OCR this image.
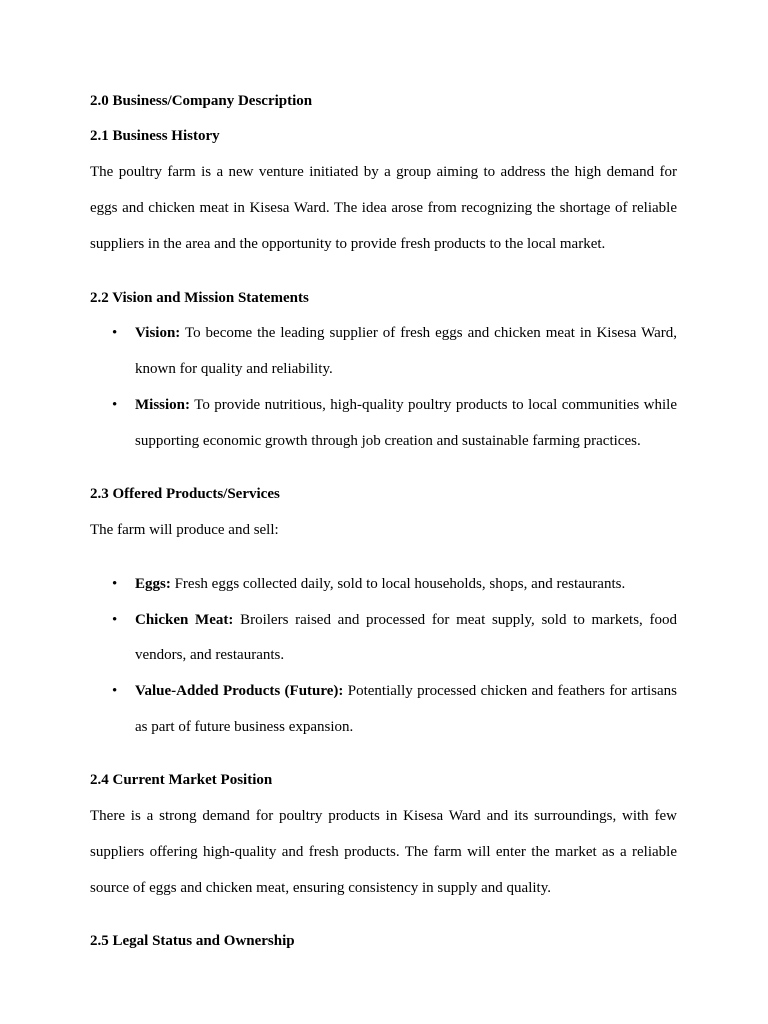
2.0 Business/Company Description
2.1 Business History
The poultry farm is a new venture initiated by a group aiming to address the high demand for
eggs and chicken meat in Kisesa Ward. The idea arose from recognizing the shortage of reliable
suppliers in the area and the opportunity to provide fresh products to the local market.
2.2 Vision and Mission Statements
• Vision: To become the leading supplier of fresh eggs and chicken meat in Kisesa Ward,
known for quality and reliability.
• Mission: To provide nutritious, high-quality poultry products to local communities while
supporting economic growth through job creation and sustainable farming practices.
2.3 Offered Products/Services
The farm will produce and sell:
• Eggs: Fresh eggs collected daily, sold to local households, shops, and restaurants.
• Chicken Meat: Broilers raised and processed for meat supply, sold to markets, food
vendors, and restaurants.
• Value-Added Products (Future): Potentially processed chicken and feathers for artisans
as part of future business expansion.
2.4 Current Market Position
There is a strong demand for poultry products in Kisesa Ward and its surroundings, with few
suppliers offering high-quality and fresh products. The farm will enter the market as a reliable
source of eggs and chicken meat, ensuring consistency in supply and quality.
2.5 Legal Status and Ownership
